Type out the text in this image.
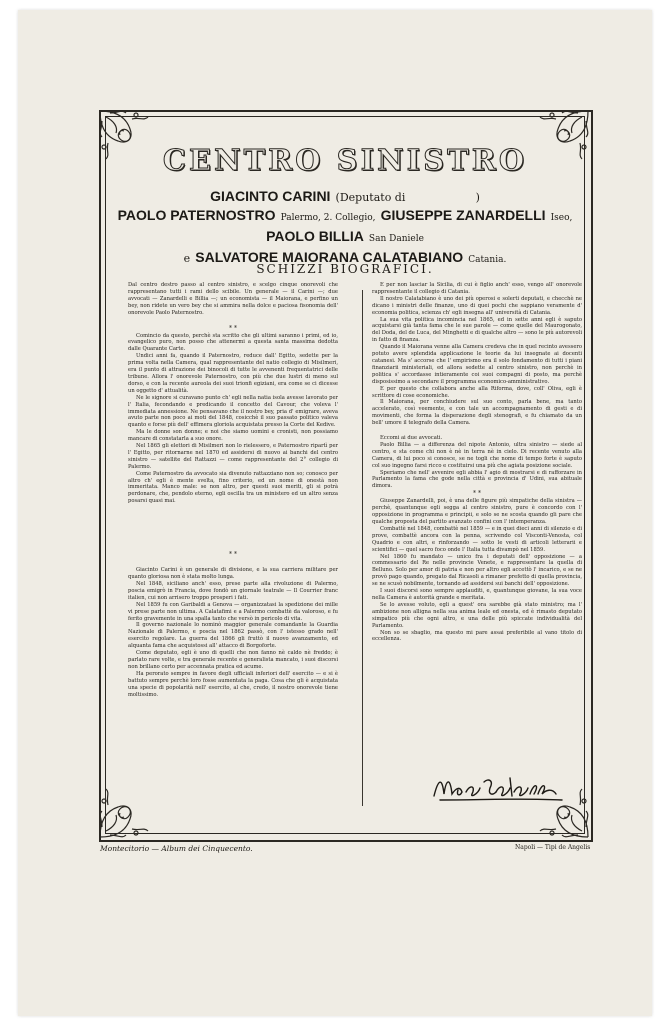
CENTRO SINISTRO
GIACINTO CARINI (Deputato di	)
PAOLO PATERNOSTRO Palermo, 2. Collegio, GIUSEPPE ZANARDELLI Iseo,
PAOLO BILLIA San Daniele
e SALVATORE MAIORANA CALATABIANO Catania.
SCHIZZI BIOGRAFICI.

Dal centro destro passo al centro sinistro, e scelgo cinque onorevoli che rappresentano tutti i rami dello scibile. Un generale — il Carini —; due avvocati — Zanardelli e Billia —; un economista — il Maiorana, e perfino un bey, non ridete un vero bey che si ammira nella dolce e paciosa fisonomia dell' onorevole Paolo Paternostro.

* *

Comincio da questo, perchè sta scritto che gli ultimi saranno i primi, ed io, evangelico puro, non posso che attenermi a questa santa massima dedotta dalle Quarante Carte.

Undici anni fa, quando il Paternostro, reduce dall' Egitto, sedette per la prima volta nella Camera, qual rappresentante del natio collegio di Misilmeri, era il punto di attrazione dei binocoli di tutte le avvenenti frequentatrici delle tribune. Allora l' onorevole Paternostro, con più che due lustri di meno sul dorso, e con la recente aureola dei suoi trionfi egiziani, era come se ci dicesse un oggetto d' attualità.

Ne le signore si curavano punto ch' egli nella natia isola avesse lavorato per l' Italia, fecondando e predicando il concetto del Cavour, che voleva l' immediata annessione. Ne pensavano che il nostro bey, pria d' emigrare, aveva avuto parte non poco ai moti del 1848, cosicchè il suo passato politico valeva quanto e forse più dell' effimera gloriola acquistata presso la Corte del Kedive.

Ma le donne son donne; e noi che siamo uomini e cronisti, non possiamo mancare di constatarla a suo onore.

Nel 1865 gli elettori di Misilmeri non lo rielessero, e Paternostro ripartì per l' Egitto, per ritornarne nel 1870 ed assidersi di nuovo ai banchi del centro sinistro — satellite del Rattazzi — come rappresentante del 2° collegio di Palermo.

Come Paternostro da avvocato sia divenuto rattazziano non so; conosco per altro ch' egli è mente svelta, fino criterio, ed un nome di onestà non immeritata. Manco male: se non altro, per questi suoi meriti, gli si potrà perdonare, che, pendolo eterno, egli oscilla tra un ministero ed un altro senza posarsi quasi mai.

* *

Giacinto Carini è un generale di divisione, e la sua carriera militare per quanto gloriosa non è stata molto lunga.

Nel 1848, siciliano anch' esso, prese parte alla rivoluzione di Palermo, poscia emigrò in Francia, dove fondò un giornale teatrale — Il Courrier franc italien, cui non arrisero troppo prosperi i fati.

Nel 1859 fu con Garibaldi a Genova — organizzatasi la spedizione dei mille vi prese parte non ultima. A Calatafimi e a Palermo combattè da valoroso, e fu ferito gravemente in una spalla tanto che versò in pericolo di vita.

Il governo nazionale lo nominò maggior generale comandante la Guardia Nazionale di Palermo, e poscia nel 1862 passò, con l' istesso grado nell' esercito regolare. La guerra del 1866 gli fruttò il nuovo avanzamento, ed alquanta fama che acquistossi all' attacco di Borgoforte.

Come deputato, egli è uno di quelli che non fanno nè caldo nè freddo; è parlato rare volte, e tra generale recente e generalista mancato, i suoi discorsi non brillano certo per accennata pratica ed acume.

Ha perorato sempre in favore degli ufficiali inferiori dell' esercito — e si è battuto sempre perchè loro fosse aumentata la paga. Cosa che gli è acquistata una specie di popolarità nell' esercito, al che, credo, il nostro onorevole tiene moltissimo.

E per non lasciar la Sicilia, di cui è figlio anch' esso, vengo all' onorevole rappresentante il collegio di Catania.

Il nostro Calatabiano è uno dei più operosi e solerti deputati, e checchè ne dicano i ministri delle finanze, uno di quei pochi che sappiano veramente d' economia politica, scienza ch' egli insegna all' università di Catania.

La sua vita politica incomincia nel 1865, ed in sette anni egli è saputo acquistarsi già tanta fama che le sue parole — come quelle del Maurogonato, del Doda, del de Luca, del Minghetti e di qualche altro — sono le più autorevoli in fatto di finanza.

Quando il Maiorana venne alla Camera credeva che in quel recinto avessero potuto avere splendida applicazione le teorie da lui insegnate ai docenti catanesi. Ma s' accorse che l' empirismo era il solo fondamento di tutti i piani finanziarii ministeriali, ed allora sedette al centro sinistro, non perchè in politica s' accordasse intieramente coi suoi compagni di posto, ma perchè disposissimo a secondare il programma economico-amministrativo.

E per questo che collabora anche alla Riforma, dove, coll' Oliva, egli è scrittore di cose economiche.

Il Maiorana, per conchiudere sul suo conto, parla bene, ma tanto accelerato, così veemente, e con tale un accompagnamento di gesti e di movimenti, che forma la disperazione degli stenografi, e fu chiamato da un bell' umore il telegrafo della Camera.

Eccomi ai due avvocati.

Paolo Billia — a differenza del nipote Antonio, ultra sinistro — siede al centro, e sta come chi non è nè in terra nè in cielo. Di recente venuto alla Camera, di lui poco si conosce, se ne togli che nome di tempo forte è saputo col suo ingegno farsi ricco e costituirsi una più che agiata posizione sociale.

Speriamo che nell' avvenire egli abbia l' agio di mostrarsi e di rafforzare in Parlamento la fama che gode nella città e provincia d' Udini, sua abituale dimora.

* *

Giuseppe Zanardelli, poi, è una delle figure più simpatiche della sinistra — perchè, quantunque egli segga al centro sinistro, pure è concordo con l' opposizione in programma e principii, e solo se ne scosta quando gli pare che qualche proposta del partito avanzato confini con l' intemperanza.

Combattè nel 1848, combattè nel 1859 — e in quei dieci anni di silenzio e di prove, combattè ancora con la penna, scrivendo col Visconti-Venosta, col Quadrio e con altri, e rinforzando — sotto le vesti di articoli letterarii e scientifici — quel sacro foco onde l' Italia tutta divampò nel 1859.

Nel 1860 fu mandato — unico fra i deputati dell' opposizione — a commessario del Re nelle provincie Venete, e rappresentare la quella di Belluno. Solo per amor di patria e non per altro egli accettò l' incarico, e se ne provò pago quando, pregato dal Ricasoli a rimaner prefetto di quella provincia, se ne scusò nobilmente, tornando ad assidersi sui banchi dell' opposizione.

I suoi discorsi sono sempre applauditi, e, quantunque giovane, la sua voce nella Camera è autorità grande e meritata.

Se lo avesse voluto, egli a quest' ora sarebbe già stato ministro; ma l' ambizione non alligna nella sua anima leale ed onesta, ed è rimasto deputato simpatico più che ogni altro, e una delle più spiccate individualità del Parlamento.

Non so se sbaglio, ma questo mi pare assai preferibile al vano titolo di eccellenza.

Montecitorio — Album dei Cinquecento.	Napoli — Tipi de Angelis
